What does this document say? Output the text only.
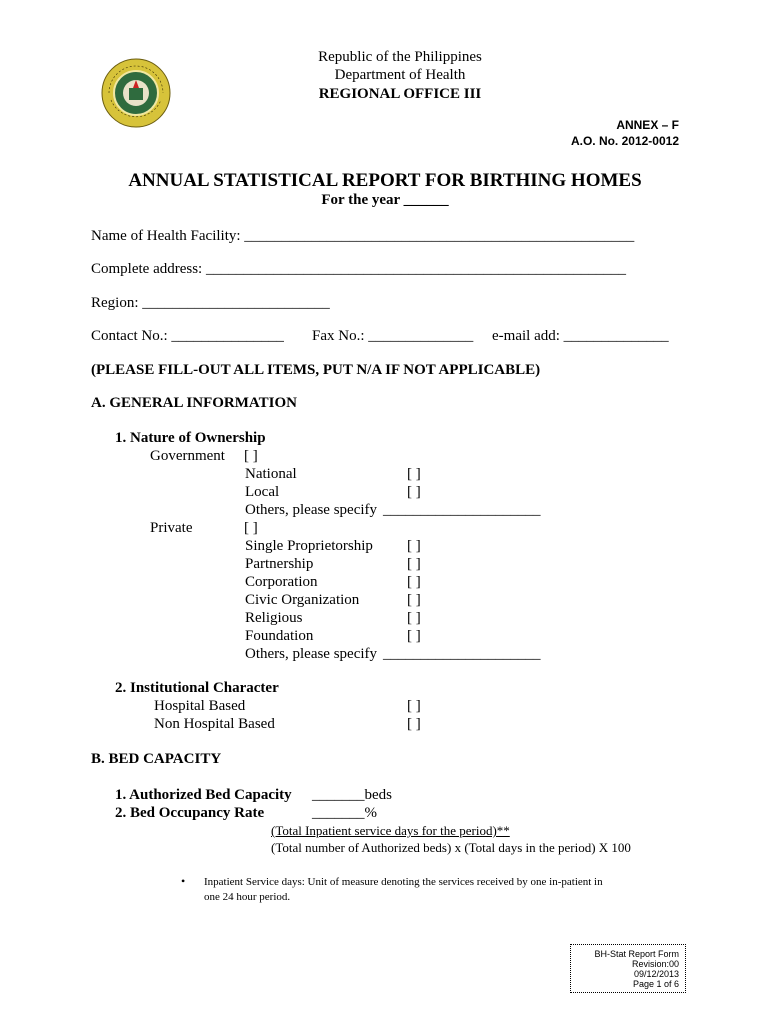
Republic of the Philippines
Department of Health
REGIONAL OFFICE III
ANNEX – F
A.O. No. 2012-0012
ANNUAL STATISTICAL REPORT FOR BIRTHING HOMES
For the year ______
Name of Health Facility: ____________________________________________________
Complete address: ________________________________________________________
Region: _________________________
Contact No.: _______________ Fax No.: ______________ e-mail add: ______________
(PLEASE FILL-OUT ALL ITEMS, PUT N/A IF NOT APPLICABLE)
A. GENERAL INFORMATION
1. Nature of Ownership
Government [ ]
National	[ ]
Local	[ ]
Others, please specify _____________________
Private	[ ]
Single Proprietorship [ ]
Partnership	[ ]
Corporation	[ ]
Civic Organization	[ ]
Religious	[ ]
Foundation	[ ]
Others, please specify _____________________
2. Institutional Character
Hospital Based	[ ]
Non Hospital Based	[ ]
B. BED CAPACITY
1. Authorized Bed Capacity _______beds
2. Bed Occupancy Rate	_______%
(Total Inpatient service days for the period)**
(Total number of Authorized beds) x (Total days in the period) X 100
• Inpatient Service days: Unit of measure denoting the services received by one in-patient in
one 24 hour period.
BH-Stat Report Form
Revision:00
09/12/2013
Page 1 of 6
